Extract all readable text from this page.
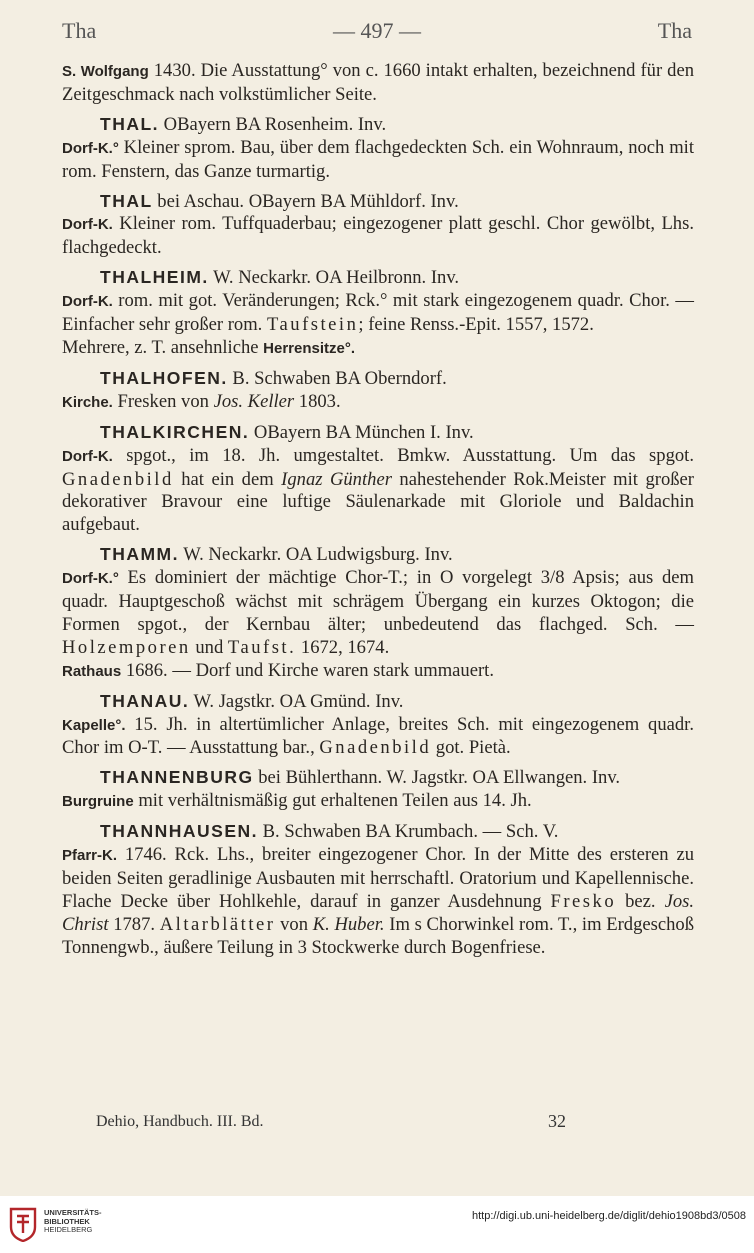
Tha	— 497 —	Tha

S. Wolfgang 1430. Die Ausstattung° von c. 1660 intakt erhalten, bezeichnend für den Zeitgeschmack nach volkstümlicher Seite.

THAL. OBayern BA Rosenheim. Inv.

Dorf-K.° Kleiner sprom. Bau, über dem flachgedeckten Sch. ein Wohnraum, noch mit rom. Fenstern, das Ganze turmartig.

THAL bei Aschau. OBayern BA Mühldorf. Inv.

Dorf-K. Kleiner rom. Tuffquaderbau; eingezogener platt geschl. Chor gewölbt, Lhs. flachgedeckt.

THALHEIM. W. Neckarkr. OA Heilbronn. Inv.

Dorf-K. rom. mit got. Veränderungen; Rck.° mit stark eingezogenem quadr. Chor. — Einfacher sehr großer rom. Taufstein; feine Renss.-Epit. 1557, 1572.

Mehrere, z. T. ansehnliche Herrensitze°.

THALHOFEN. B. Schwaben BA Oberndorf.

Kirche. Fresken von Jos. Keller 1803.

THALKIRCHEN. OBayern BA München I. Inv.

Dorf-K. spgot., im 18. Jh. umgestaltet. Bmkw. Ausstattung. Um das spgot. Gnadenbild hat ein dem Ignaz Günther nahestehender Rok.Meister mit großer dekorativer Bravour eine luftige Säulenarkade mit Gloriole und Baldachin aufgebaut.

THAMM. W. Neckarkr. OA Ludwigsburg. Inv.

Dorf-K.° Es dominiert der mächtige Chor-T.; in O vorgelegt 3/8 Apsis; aus dem quadr. Hauptgeschoß wächst mit schrägem Übergang ein kurzes Oktogon; die Formen spgot., der Kernbau älter; unbedeutend das flachged. Sch. — Holzemporen und Taufst. 1672, 1674.

Rathaus 1686. — Dorf und Kirche waren stark ummauert.

THANAU. W. Jagstkr. OA Gmünd. Inv.

Kapelle°. 15. Jh. in altertümlicher Anlage, breites Sch. mit eingezogenem quadr. Chor im O-T. — Ausstattung bar., Gnadenbild got. Pietà.

THANNENBURG bei Bühlerthann. W. Jagstkr. OA Ellwangen. Inv.

Burgruine mit verhältnismäßig gut erhaltenen Teilen aus 14. Jh.

THANNHAUSEN. B. Schwaben BA Krumbach. — Sch. V.

Pfarr-K. 1746. Rck. Lhs., breiter eingezogener Chor. In der Mitte des ersteren zu beiden Seiten geradlinige Ausbauten mit herrschaftl. Oratorium und Kapellennische. Flache Decke über Hohlkehle, darauf in ganzer Ausdehnung Fresko bez. Jos. Christ 1787. Altarblätter von K. Huber. Im s Chorwinkel rom. T., im Erdgeschoß Tonnengwb., äußere Teilung in 3 Stockwerke durch Bogenfriese.

Dehio, Handbuch. III. Bd.	32
UNIVERSITÄTS-
BIBLIOTHEK
HEIDELBERG
http://digi.ub.uni-heidelberg.de/diglit/dehio1908bd3/0508
